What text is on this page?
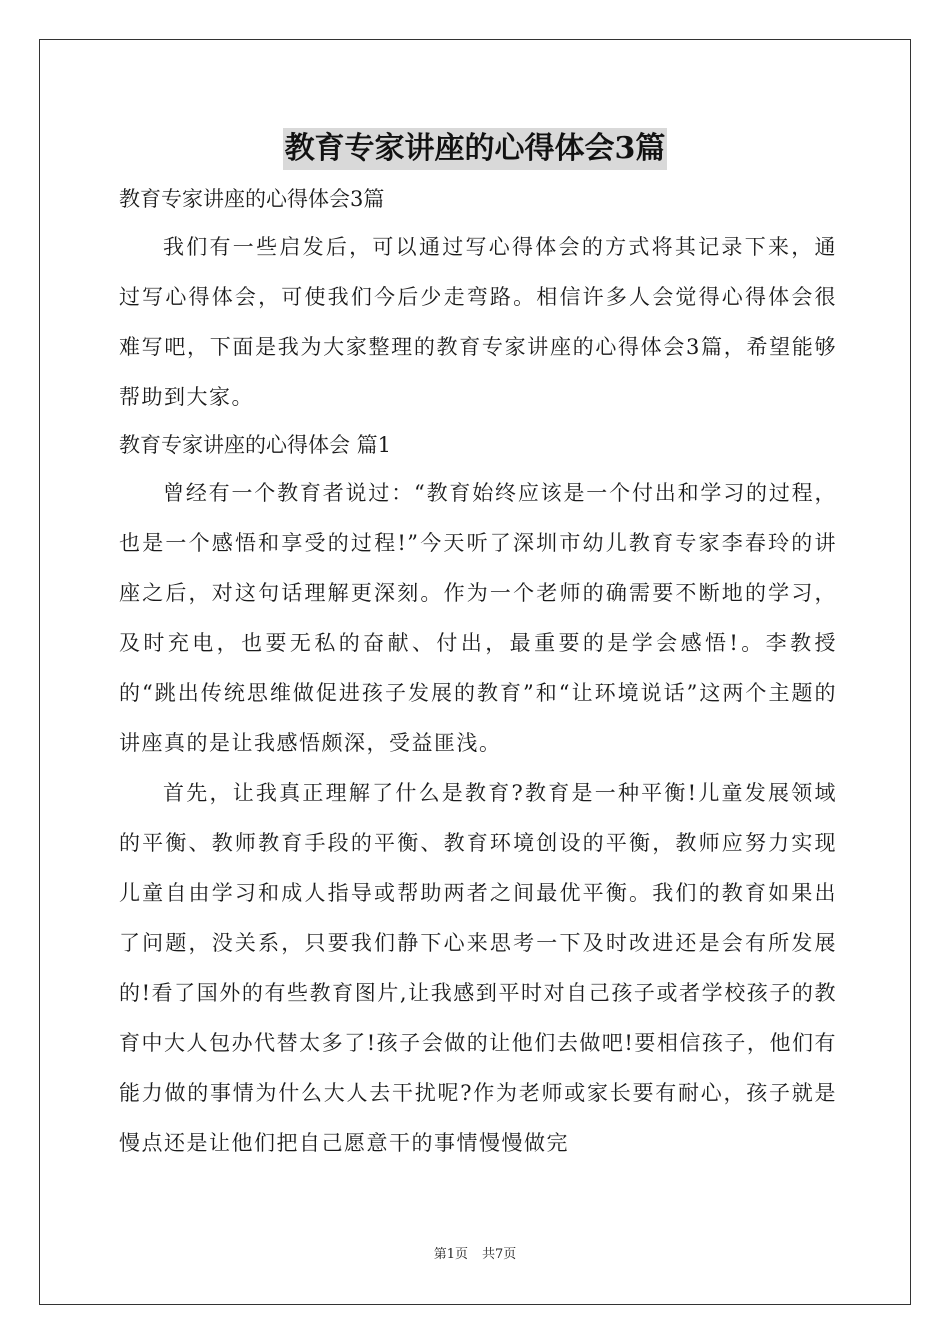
教育专家讲座的心得体会3篇

教育专家讲座的心得体会3篇

我们有一些启发后，可以通过写心得体会的方式将其记录下来，通过写心得体会，可使我们今后少走弯路。相信许多人会觉得心得体会很难写吧，下面是我为大家整理的教育专家讲座的心得体会3篇，希望能够帮助到大家。

教育专家讲座的心得体会 篇1

曾经有一个教育者说过：“教育始终应该是一个付出和学习的过程，也是一个感悟和享受的过程!”今天听了深圳市幼儿教育专家李春玲的讲座之后，对这句话理解更深刻。作为一个老师的确需要不断地的学习，及时充电，也要无私的奋献、付出，最重要的是学会感悟!。李教授的“跳出传统思维做促进孩子发展的教育”和“让环境说话”这两个主题的讲座真的是让我感悟颇深，受益匪浅。

首先，让我真正理解了什么是教育?教育是一种平衡!儿童发展领域的平衡、教师教育手段的平衡、教育环境创设的平衡，教师应努力实现儿童自由学习和成人指导或帮助两者之间最优平衡。我们的教育如果出了问题，没关系，只要我们静下心来思考一下及时改进还是会有所发展的!看了国外的有些教育图片,让我感到平时对自己孩子或者学校孩子的教育中大人包办代替太多了!孩子会做的让他们去做吧!要相信孩子，他们有能力做的事情为什么大人去干扰呢?作为老师或家长要有耐心，孩子就是慢点还是让他们把自己愿意干的事情慢慢做完

第1页 共7页
